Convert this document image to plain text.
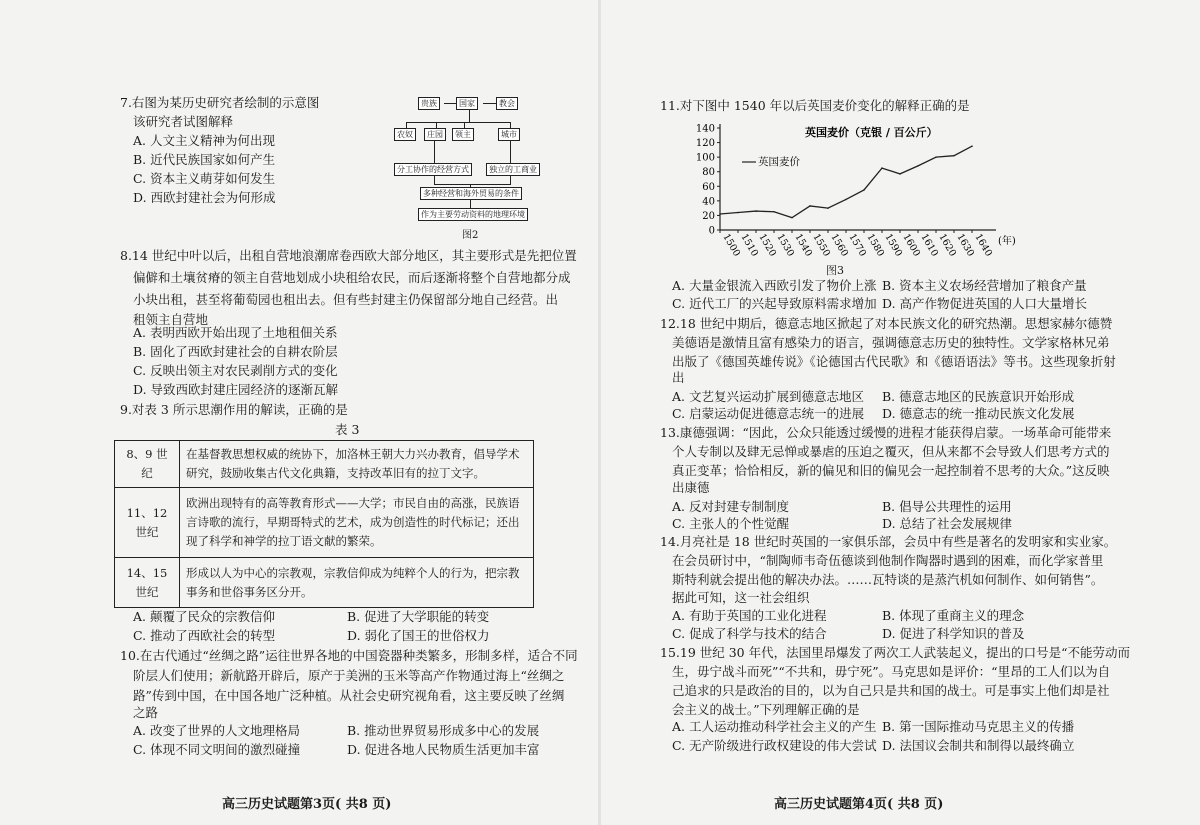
7.右图为某历史研究者绘制的示意图
该研究者试图解释
A. 人文主义精神为何出现
B. 近代民族国家如何产生
C. 资本主义萌芽如何发生
D. 西欧封建社会为何形成
贵族	国家	教会
农奴	庄园	领主	城市
分工协作的经营方式	独立的工商业
多种经营和海外贸易的条件
作为主要劳动资料的地理环境
图2
8.14 世纪中叶以后，出租自营地浪潮席卷西欧大部分地区，其主要形式是先把位置
偏僻和土壤贫瘠的领主自营地划成小块租给农民，而后逐渐将整个自营地都分成
小块出租，甚至将葡萄园也租出去。但有些封建主仍保留部分地自己经营。出
租领主自营地
A. 表明西欧开始出现了土地租佃关系
B. 固化了西欧封建社会的自耕农阶层
C. 反映出领主对农民剥削方式的变化
D. 导致西欧封建庄园经济的逐渐瓦解
9.对表 3 所示思潮作用的解读，正确的是
表 3
8、9 世纪	在基督教思想权威的统协下，加洛林王朝大力兴办教育，倡导学术研究，鼓励收集古代文化典籍，支持改革旧有的拉丁文字。
11、12 世纪	欧洲出现特有的高等教育形式——大学；市民自由的高涨，民族语言诗歌的流行，早期哥特式的艺术，成为创造性的时代标记；还出现了科学和神学的拉丁语文献的繁荣。
14、15 世纪	形成以人为中心的宗教观，宗教信仰成为纯粹个人的行为，把宗教事务和世俗事务区分开。
A. 颠覆了民众的宗教信仰	B. 促进了大学职能的转变
C. 推动了西欧社会的转型	D. 弱化了国王的世俗权力
10.在古代通过“丝绸之路”运往世界各地的中国瓷器种类繁多，形制多样，适合不同
阶层人们使用；新航路开辟后，原产于美洲的玉米等高产作物通过海上“丝绸之
路”传到中国，在中国各地广泛种植。从社会史研究视角看，这主要反映了丝绸
之路
A. 改变了世界的人文地理格局	B. 推动世界贸易形成多中心的发展
C. 体现不同文明间的激烈碰撞	D. 促进各地人民物质生活更加丰富
高三历史试题第3页( 共8 页)
11.对下图中 1540 年以后英国麦价变化的解释正确的是
0
20
40
60
80
100
120
140
1500
1510
1520
1530
1540
1550
1560
1570
1580
1590
1600
1610
1620
1630
1640 (年)
英国麦价（克银 / 百公斤）
英国麦价
图3
A. 大量金银流入西欧引发了物价上涨 B. 资本主义农场经营增加了粮食产量
C. 近代工厂的兴起导致原料需求增加 D. 高产作物促进英国的人口大量增长
12.18 世纪中期后，德意志地区掀起了对本民族文化的研究热潮。思想家赫尔德赞
美德语是激情且富有感染力的语言，强调德意志历史的独特性。文学家格林兄弟
出版了《德国英雄传说》《论德国古代民歌》和《德语语法》等书。这些现象折射
出
A. 文艺复兴运动扩展到德意志地区 B. 德意志地区的民族意识开始形成
C. 启蒙运动促进德意志统一的进展 D. 德意志的统一推动民族文化发展
13.康德强调：“因此，公众只能透过缓慢的进程才能获得启蒙。一场革命可能带来
个人专制以及肆无忌惮或暴虐的压迫之覆灭，但从来都不会导致人们思考方式的
真正变革；恰恰相反，新的偏见和旧的偏见会一起控制着不思考的大众。”这反映
出康德
A. 反对封建专制制度	B. 倡导公共理性的运用
C. 主张人的个性觉醒	D. 总结了社会发展规律
14.月亮社是 18 世纪时英国的一家俱乐部，会员中有些是著名的发明家和实业家。
在会员研讨中，“制陶师韦奇伍德谈到他制作陶器时遇到的困难，而化学家普里
斯特利就会提出他的解决办法。……瓦特谈的是蒸汽机如何制作、如何销售”。
据此可知，这一社会组织
A. 有助于英国的工业化进程	B. 体现了重商主义的理念
C. 促成了科学与技术的结合	D. 促进了科学知识的普及
15.19 世纪 30 年代，法国里昂爆发了两次工人武装起义，提出的口号是“不能劳动而
生，毋宁战斗而死”“不共和，毋宁死”。马克思如是评价：“里昂的工人们以为自
己追求的只是政治的目的，以为自己只是共和国的战士。可是事实上他们却是社
会主义的战士。”下列理解正确的是
A. 工人运动推动科学社会主义的产生 B. 第一国际推动马克思主义的传播
C. 无产阶级进行政权建设的伟大尝试 D. 法国议会制共和制得以最终确立
高三历史试题第4页( 共8 页)
